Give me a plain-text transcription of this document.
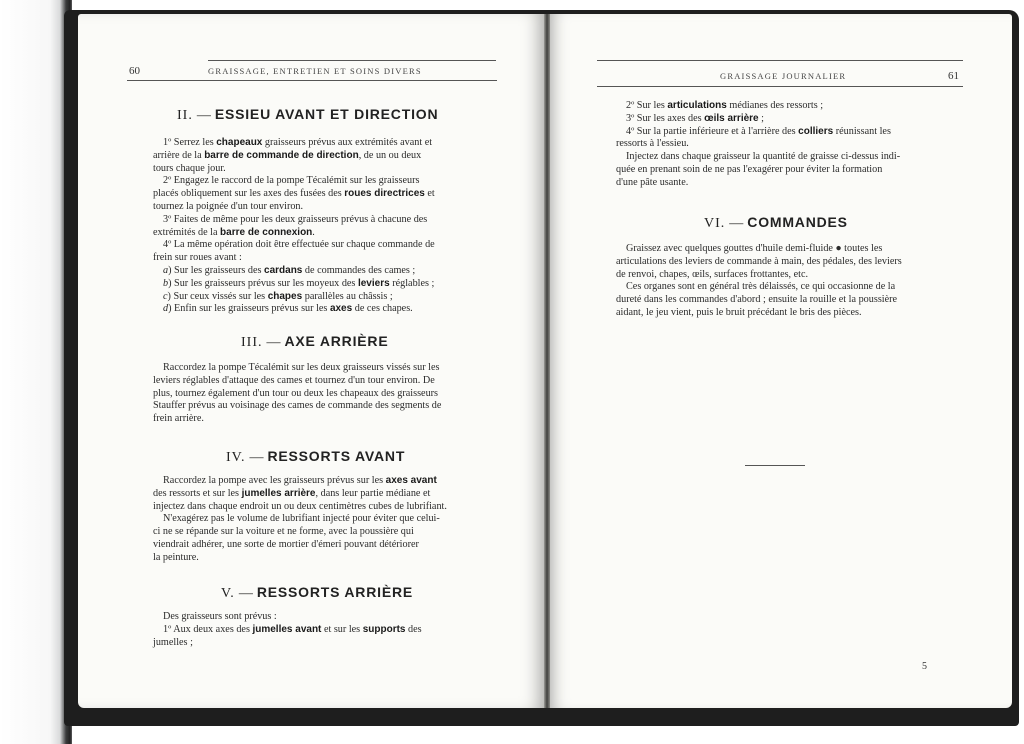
60	GRAISSAGE, ENTRETIEN ET SOINS DIVERS
II. — ESSIEU AVANT ET DIRECTION
1º Serrez les chapeaux graisseurs prévus aux extrémités avant et
arrière de la barre de commande de direction, de un ou deux
tours chaque jour.
2º Engagez le raccord de la pompe Técalémit sur les graisseurs
placés obliquement sur les axes des fusées des roues directrices et
tournez la poignée d'un tour environ.
3º Faites de même pour les deux graisseurs prévus à chacune des
extrémités de la barre de connexion.
4º La même opération doit être effectuée sur chaque commande de
frein sur roues avant :
a) Sur les graisseurs des cardans de commandes des cames ;
b) Sur les graisseurs prévus sur les moyeux des leviers réglables ;
c) Sur ceux vissés sur les chapes parallèles au châssis ;
d) Enfin sur les graisseurs prévus sur les axes de ces chapes.
III. — AXE ARRIÈRE
Raccordez la pompe Técalémit sur les deux graisseurs vissés sur les
leviers réglables d'attaque des cames et tournez d'un tour environ. De
plus, tournez également d'un tour ou deux les chapeaux des graisseurs
Stauffer prévus au voisinage des cames de commande des segments de
frein arrière.
IV. — RESSORTS AVANT
Raccordez la pompe avec les graisseurs prévus sur les axes avant
des ressorts et sur les jumelles arrière, dans leur partie médiane et
injectez dans chaque endroit un ou deux centimètres cubes de lubrifiant.
N'exagérez pas le volume de lubrifiant injecté pour éviter que celui-
ci ne se répande sur la voiture et ne forme, avec la poussière qui
viendrait adhérer, une sorte de mortier d'émeri pouvant détériorer
la peinture.
V. — RESSORTS ARRIÈRE
Des graisseurs sont prévus :
1º Aux deux axes des jumelles avant et sur les supports des
jumelles ;
GRAISSAGE JOURNALIER	61
2º Sur les articulations médianes des ressorts ;
3º Sur les axes des œils arrière ;
4º Sur la partie inférieure et à l'arrière des colliers réunissant les
ressorts à l'essieu.
Injectez dans chaque graisseur la quantité de graisse ci-dessus indi-
quée en prenant soin de ne pas l'exagérer pour éviter la formation
d'une pâte usante.
VI. — COMMANDES
Graissez avec quelques gouttes d'huile demi-fluide ● toutes les
articulations des leviers de commande à main, des pédales, des leviers
de renvoi, chapes, œils, surfaces frottantes, etc.
Ces organes sont en général très délaissés, ce qui occasionne de la
dureté dans les commandes d'abord ; ensuite la rouille et la poussière
aidant, le jeu vient, puis le bruit précédant le bris des pièces.
5
